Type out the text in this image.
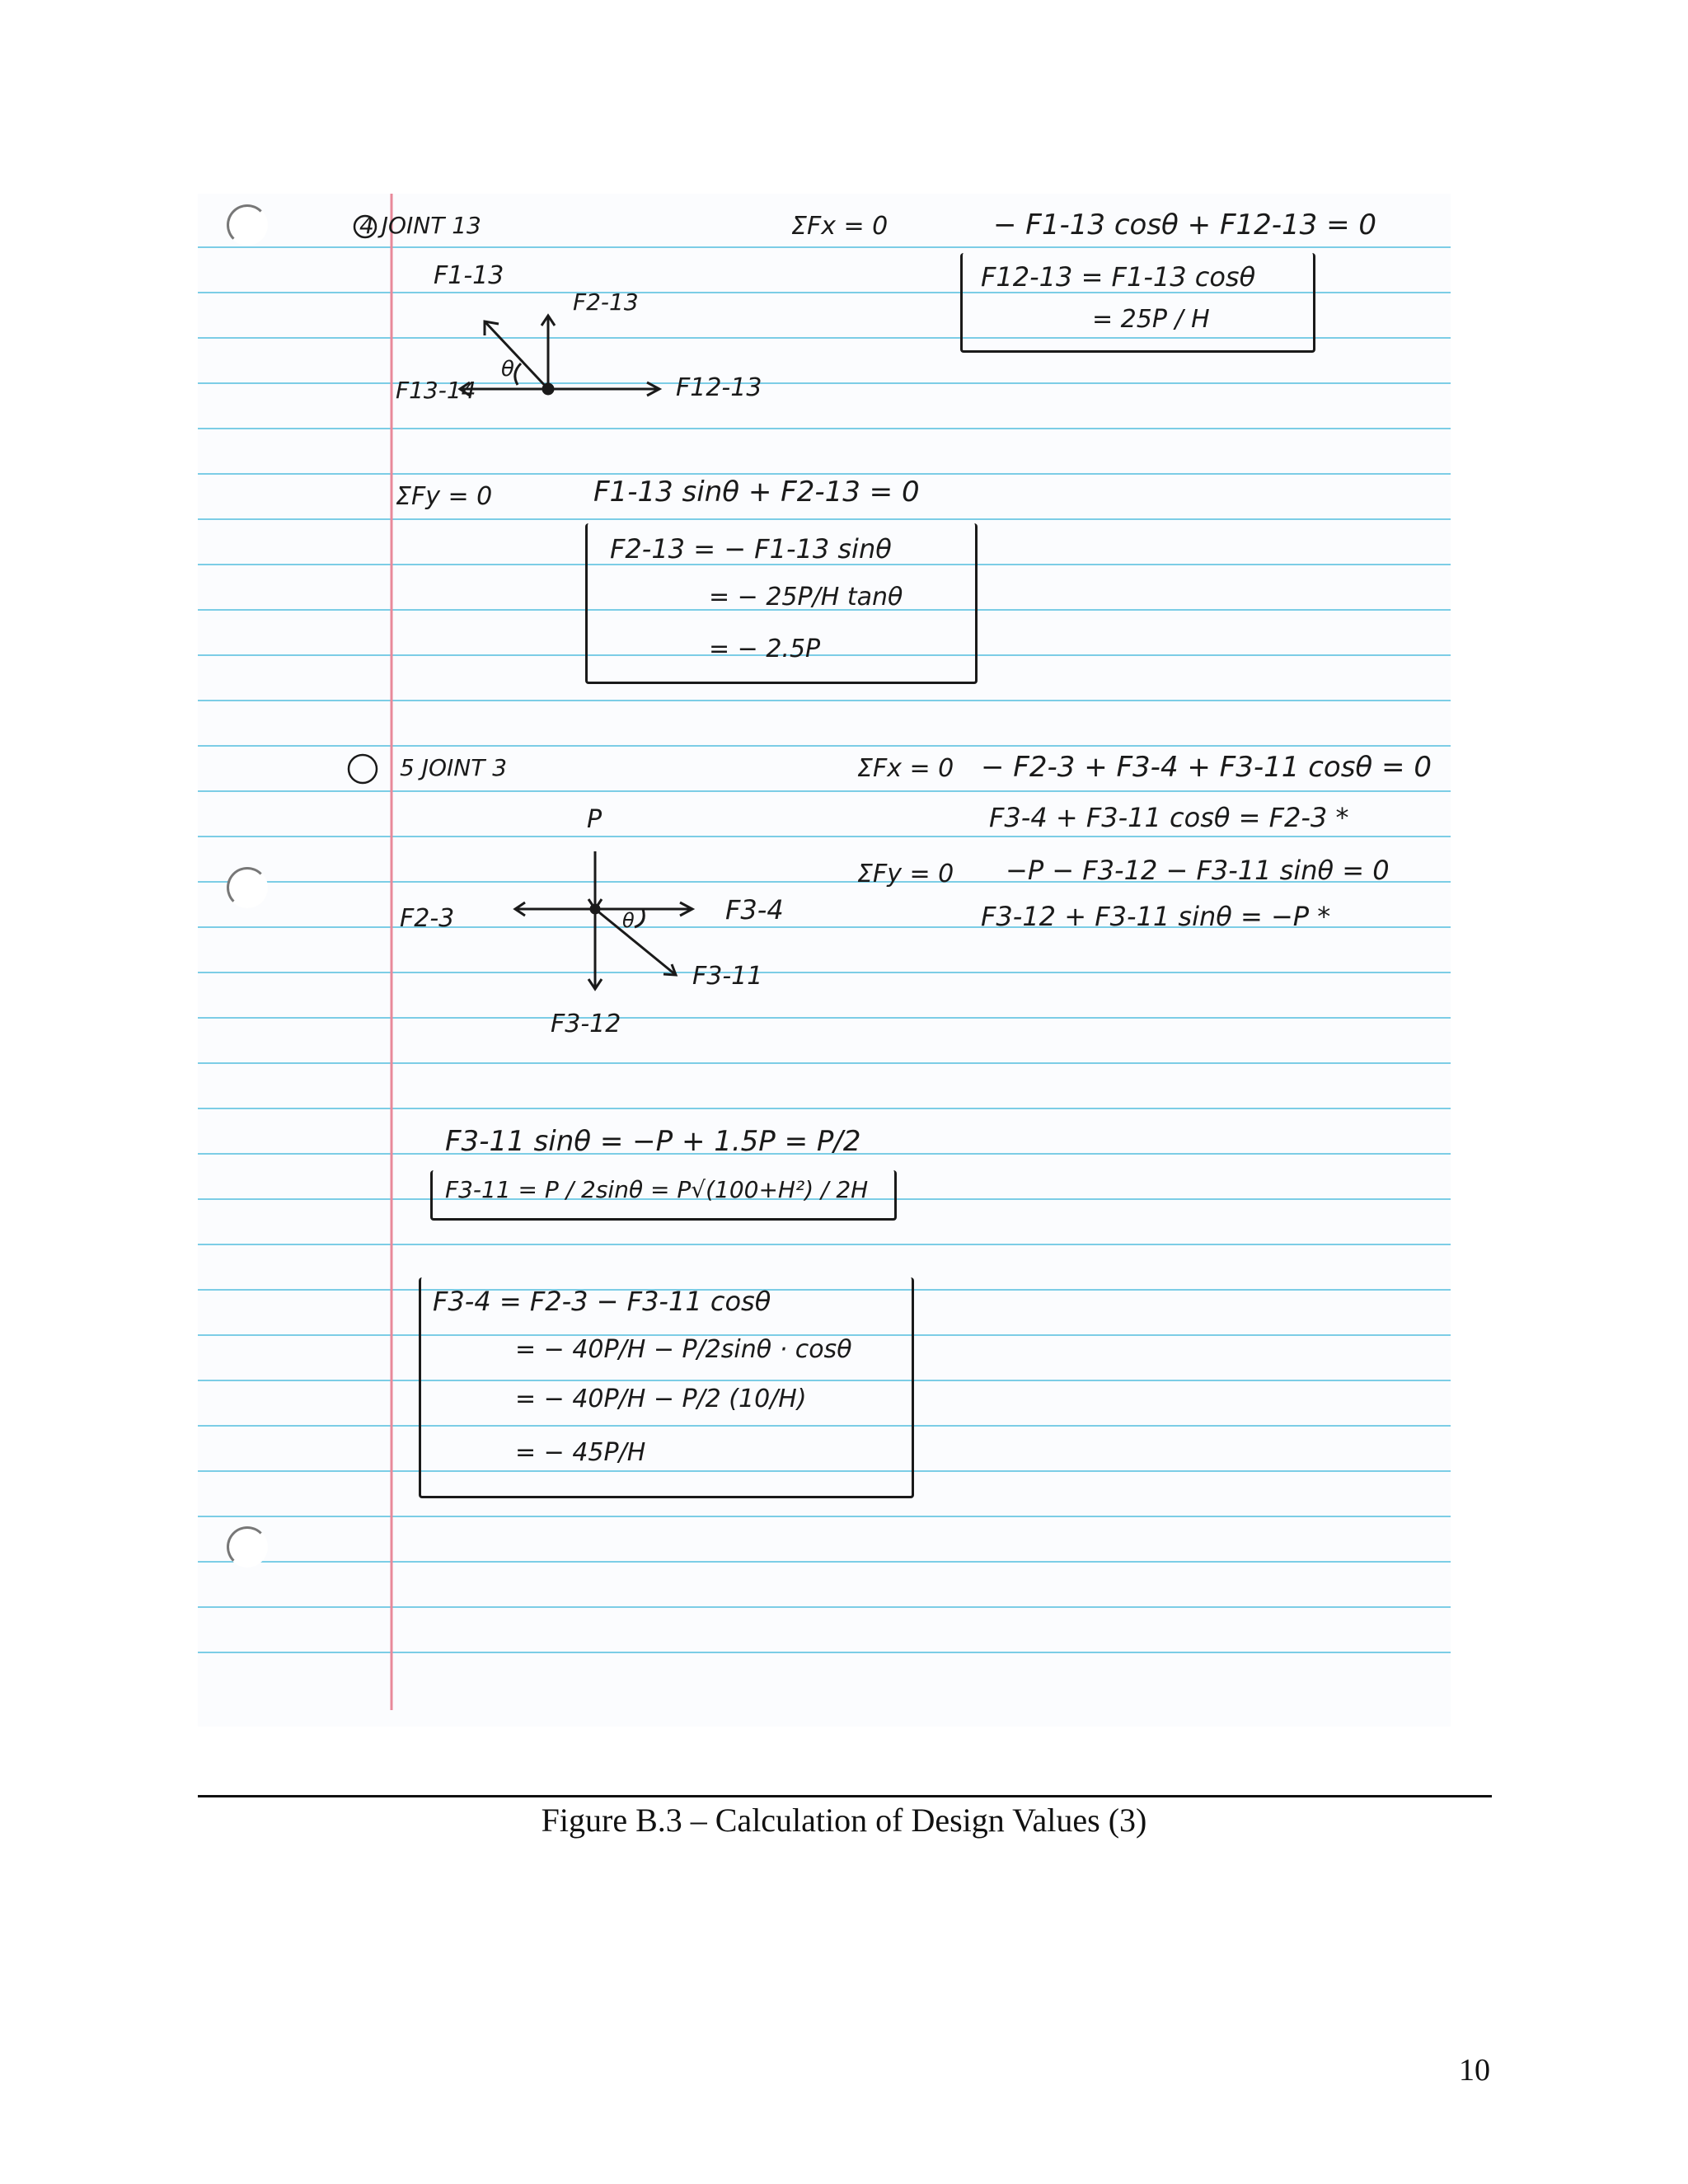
4 JOINT 13	ΣFx = 0	− F1-13 cosθ + F12-13 = 0
F12-13 = F1-13 cosθ
= 25P / H
F1-13
F2-13
θ
F13-14	F12-13
ΣFy = 0	F1-13 sinθ + F2-13 = 0
F2-13 = − F1-13 sinθ
= − 25P/H tanθ
= − 2.5P
5 JOINT 3	ΣFx = 0 − F2-3 + F3-4 + F3-11 cosθ = 0
F3-4 + F3-11 cosθ = F2-3 *
ΣFy = 0 −P − F3-12 − F3-11 sinθ = 0
F3-12 + F3-11 sinθ = −P *
P
F2-3	F3-4
θ
F3-11
F3-12
F3-11 sinθ = −P + 1.5P = P/2
F3-11 = P / 2sinθ = P√(100+H²) / 2H
F3-4 = F2-3 − F3-11 cosθ
= − 40P/H − P/2sinθ · cosθ
= − 40P/H − P/2 (10/H)
= − 45P/H
Figure B.3 – Calculation of Design Values (3)
10
